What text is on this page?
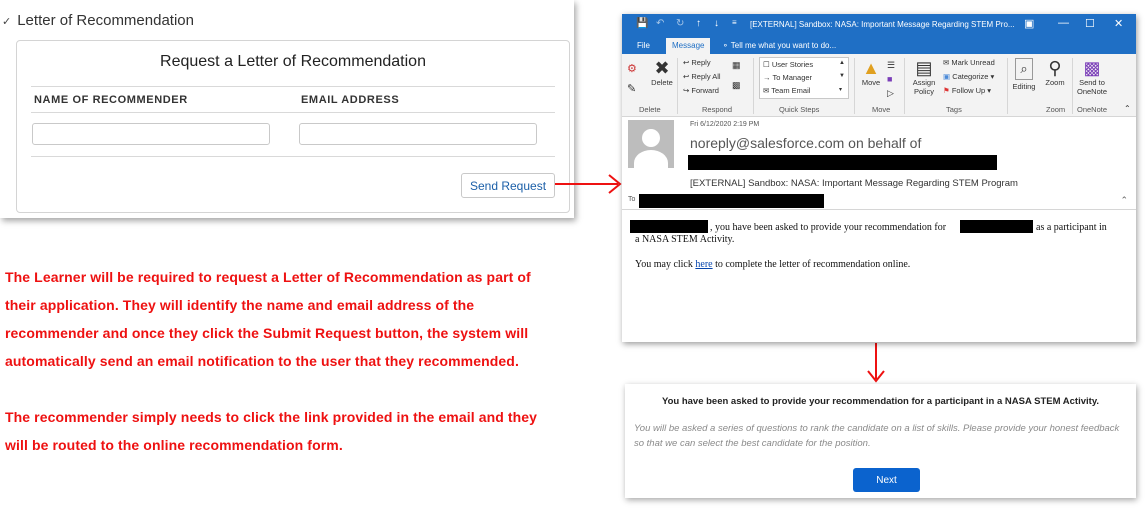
✓ Letter of Recommendation
Request a Letter of Recommendation
NAME OF RECOMMENDER	EMAIL ADDRESS
Send Request
The Learner will be required to request a Letter of Recommendation as part of
their application. They will identify the name and email address of the
recommender and once they click the Submit Request button, the system will
automatically send an email notification to the user that they recommended.
The recommender simply needs to click the link provided in the email and they
will be routed to the online recommendation form.
💾 ↶ ↻ ↑ ↓ ≡ [EXTERNAL] Sandbox: NASA: Important Message Regarding STEM Pro... ▣ — ☐ ✕
File	Message	⚬ Tell me what you want to do...
⚙
✎
✖
Delete
Delete
↩ Reply
↩ Reply All
↪ Forward
▦
▩
Respond
☐ User Stories
→ To Manager
✉ Team Email
▲
▼
▾
Quick Steps
▲
Move
☰
■
▷
Move
▤
Assign
Policy
✉ Mark Unread
▣ Categorize ▾
⚑ Follow Up ▾
Tags
⌕
Editing
⚲
Zoom
Zoom
▩
Send to
OneNote
OneNote ⌃
Fri 6/12/2020 2:19 PM
noreply@salesforce.com on behalf of
[EXTERNAL] Sandbox: NASA: Important Message Regarding STEM Program
To	⌃
, you have been asked to provide your recommendation for	as a participant in
a NASA STEM Activity.
You may click here to complete the letter of recommendation online.
You have been asked to provide your recommendation for a participant in a NASA STEM Activity.
You will be asked a series of questions to rank the candidate on a list of skills. Please provide your honest feedback so that we can select the best candidate for the position.
Next
